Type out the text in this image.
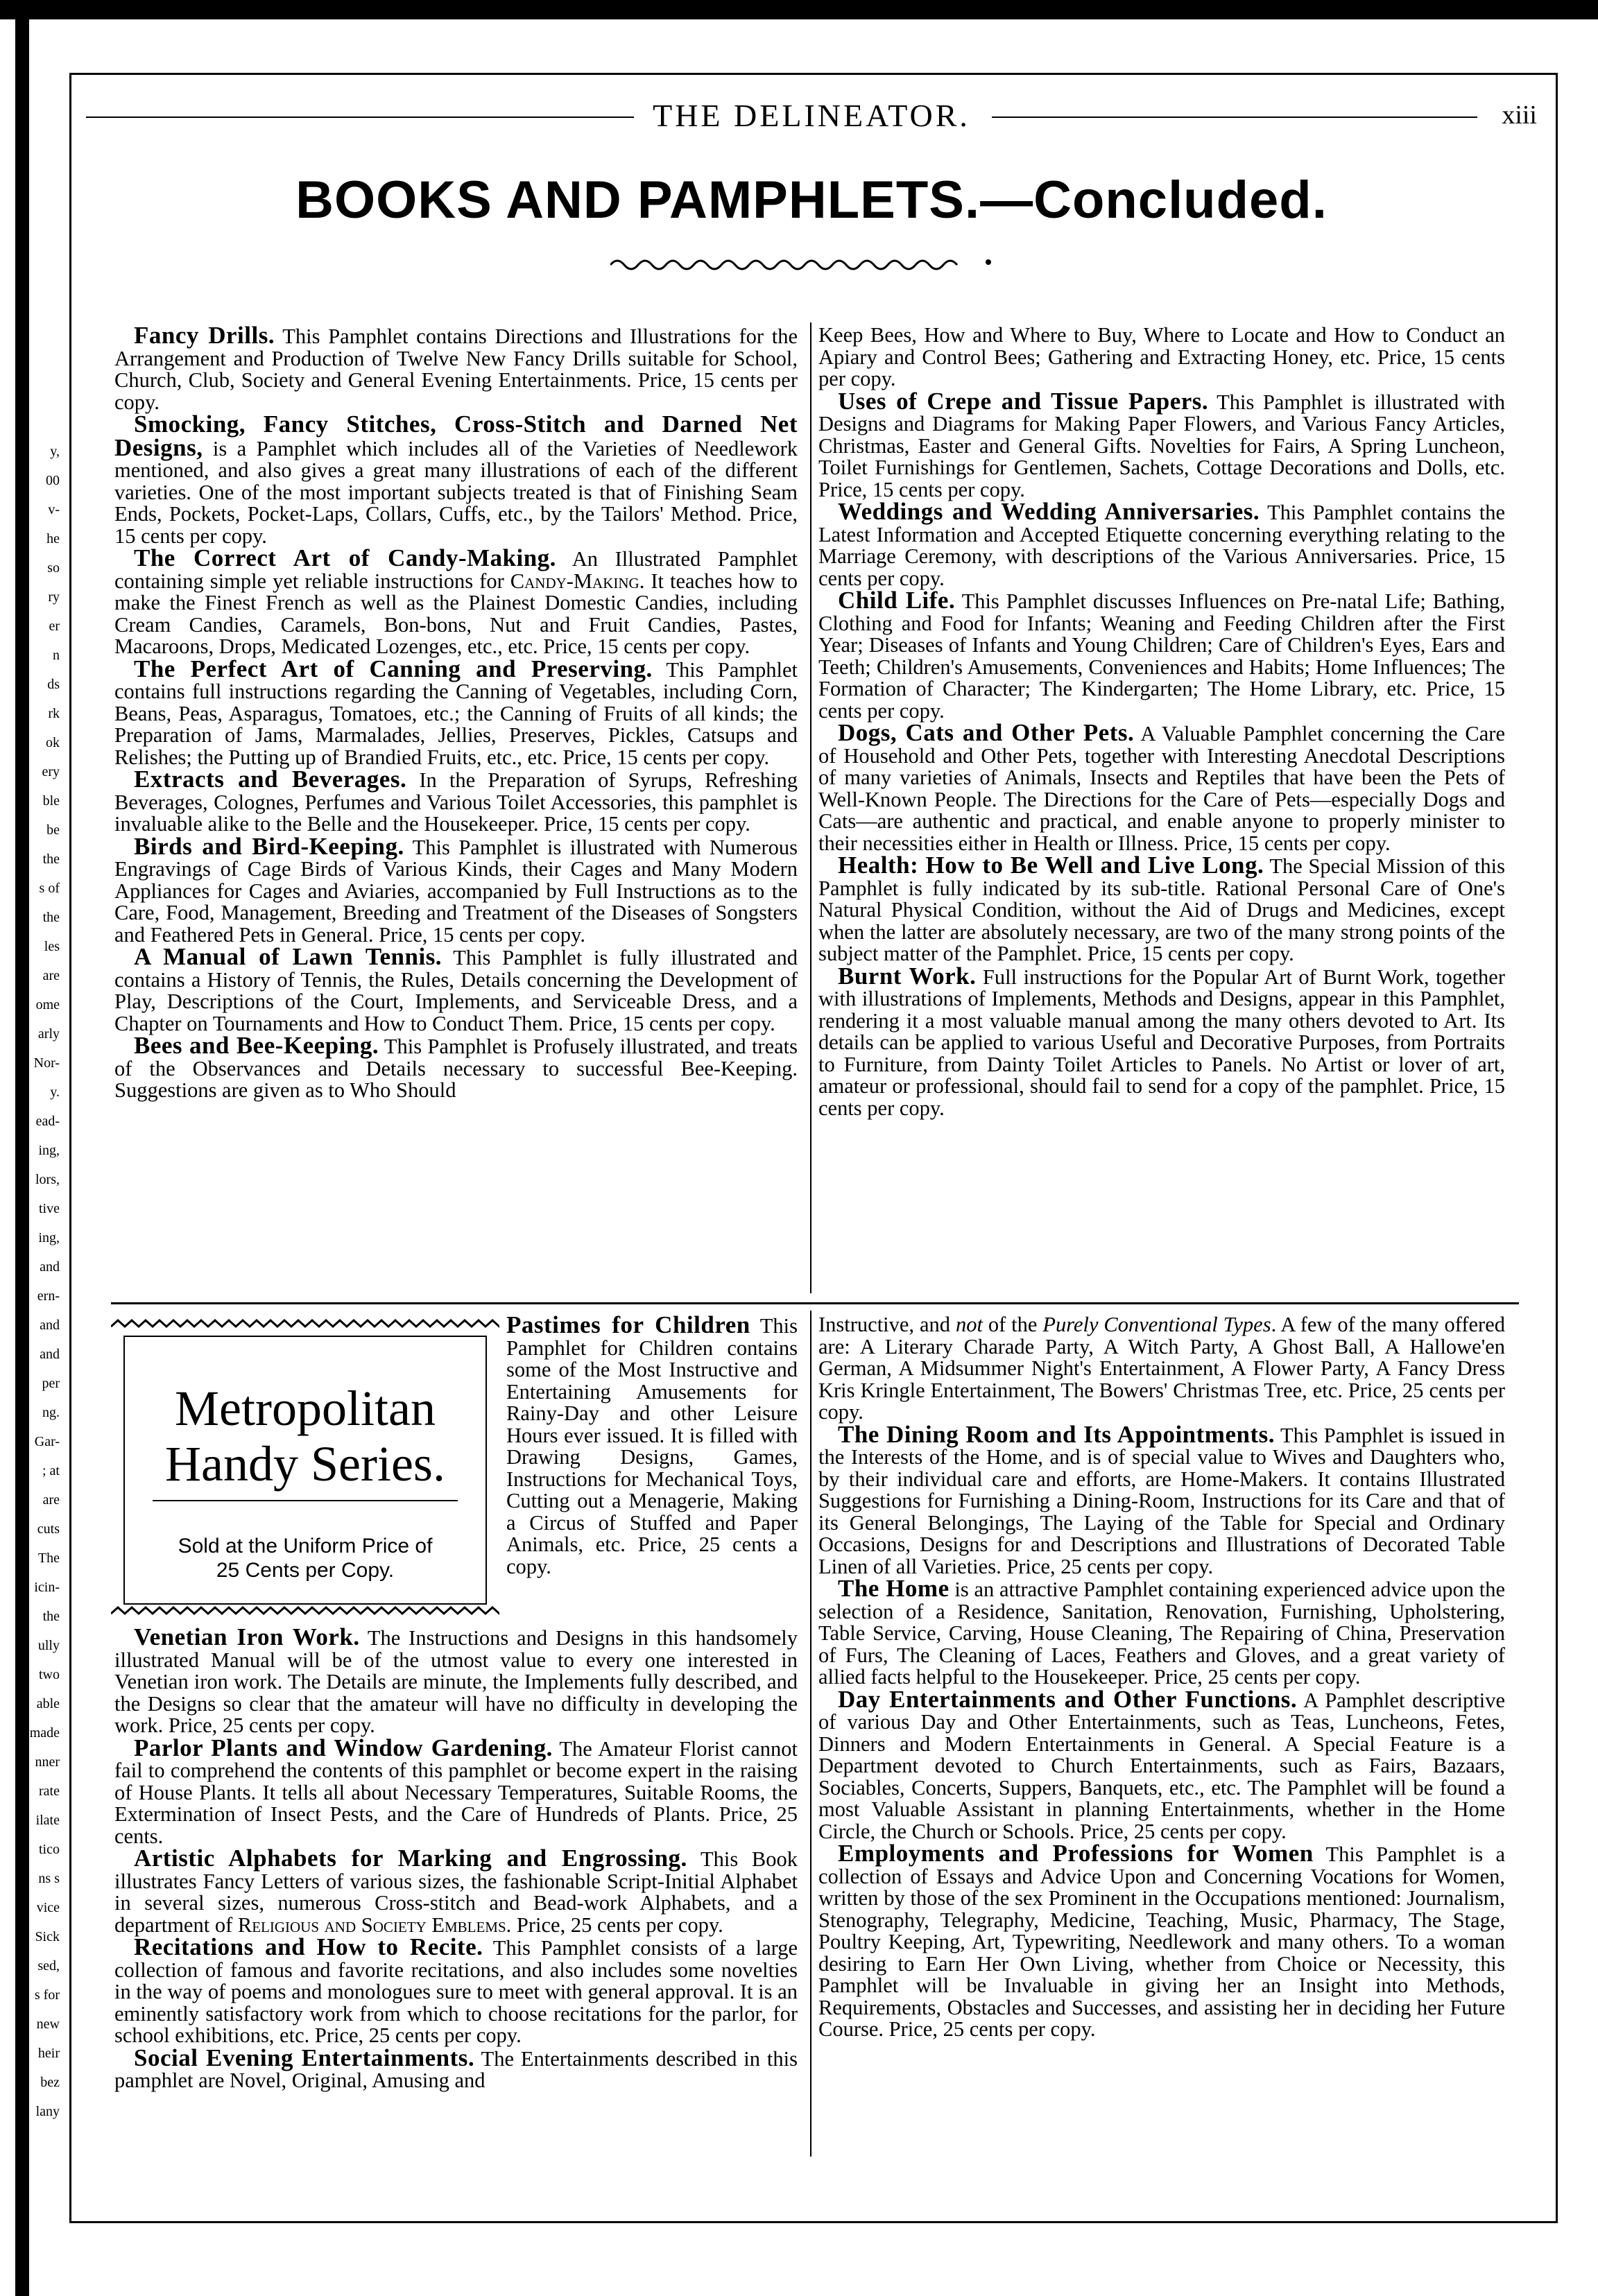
y,
00
v-
he
so
ry
er
n
ds
rk
ok
ery
ble
be
the
s of
the
les
are
ome
arly
Nor-
y.
ead-
ing,
lors,
tive
ing,
and
ern-
and
and
per
ng.
Gar-
; at
are
cuts
The
icin-
the
ully
two
able
made
nner
rate
ilate
tico
ns s
vice
Sick
sed,
s for
new
heir
bez
lany
THE DELINEATOR.	xiii
BOOKS AND PAMPHLETS.—Concluded.

Fancy Drills. This Pamphlet contains Directions and Illustrations for the Arrangement and Production of Twelve New Fancy Drills suitable for School, Church, Club, Society and General Evening Entertainments. Price, 15 cents per copy.

Smocking, Fancy Stitches, Cross-Stitch and Darned Net Designs, is a Pamphlet which includes all of the Varieties of Needlework mentioned, and also gives a great many illustrations of each of the different varieties. One of the most important subjects treated is that of Finishing Seam Ends, Pockets, Pocket-Laps, Collars, Cuffs, etc., by the Tailors' Method. Price, 15 cents per copy.

The Correct Art of Candy-Making. An Illustrated Pamphlet containing simple yet reliable instructions for Candy-Making. It teaches how to make the Finest French as well as the Plainest Domestic Candies, including Cream Candies, Caramels, Bon-bons, Nut and Fruit Candies, Pastes, Macaroons, Drops, Medicated Lozenges, etc., etc. Price, 15 cents per copy.

The Perfect Art of Canning and Preserving. This Pamphlet contains full instructions regarding the Canning of Vegetables, including Corn, Beans, Peas, Asparagus, Tomatoes, etc.; the Canning of Fruits of all kinds; the Preparation of Jams, Marmalades, Jellies, Preserves, Pickles, Catsups and Relishes; the Putting up of Brandied Fruits, etc., etc. Price, 15 cents per copy.

Extracts and Beverages. In the Preparation of Syrups, Refreshing Beverages, Colognes, Perfumes and Various Toilet Accessories, this pamphlet is invaluable alike to the Belle and the Housekeeper. Price, 15 cents per copy.

Birds and Bird-Keeping. This Pamphlet is illustrated with Numerous Engravings of Cage Birds of Various Kinds, their Cages and Many Modern Appliances for Cages and Aviaries, accompanied by Full Instructions as to the Care, Food, Management, Breeding and Treatment of the Diseases of Songsters and Feathered Pets in General. Price, 15 cents per copy.

A Manual of Lawn Tennis. This Pamphlet is fully illustrated and contains a History of Tennis, the Rules, Details concerning the Development of Play, Descriptions of the Court, Implements, and Serviceable Dress, and a Chapter on Tournaments and How to Conduct Them. Price, 15 cents per copy.

Bees and Bee-Keeping. This Pamphlet is Profusely illustrated, and treats of the Observances and Details necessary to successful Bee-Keeping. Suggestions are given as to Who Should

Keep Bees, How and Where to Buy, Where to Locate and How to Conduct an Apiary and Control Bees; Gathering and Extracting Honey, etc. Price, 15 cents per copy.

Uses of Crepe and Tissue Papers. This Pamphlet is illustrated with Designs and Diagrams for Making Paper Flowers, and Various Fancy Articles, Christmas, Easter and General Gifts. Novelties for Fairs, A Spring Luncheon, Toilet Furnishings for Gentlemen, Sachets, Cottage Decorations and Dolls, etc. Price, 15 cents per copy.

Weddings and Wedding Anniversaries. This Pamphlet contains the Latest Information and Accepted Etiquette concerning everything relating to the Marriage Ceremony, with descriptions of the Various Anniversaries. Price, 15 cents per copy.

Child Life. This Pamphlet discusses Influences on Pre-natal Life; Bathing, Clothing and Food for Infants; Weaning and Feeding Children after the First Year; Diseases of Infants and Young Children; Care of Children's Eyes, Ears and Teeth; Children's Amusements, Conveniences and Habits; Home Influences; The Formation of Character; The Kindergarten; The Home Library, etc. Price, 15 cents per copy.

Dogs, Cats and Other Pets. A Valuable Pamphlet concerning the Care of Household and Other Pets, together with Interesting Anecdotal Descriptions of many varieties of Animals, Insects and Reptiles that have been the Pets of Well-Known People. The Directions for the Care of Pets—especially Dogs and Cats—are authentic and practical, and enable anyone to properly minister to their necessities either in Health or Illness. Price, 15 cents per copy.

Health: How to Be Well and Live Long. The Special Mission of this Pamphlet is fully indicated by its sub-title. Rational Personal Care of One's Natural Physical Condition, without the Aid of Drugs and Medicines, except when the latter are absolutely necessary, are two of the many strong points of the subject matter of the Pamphlet. Price, 15 cents per copy.

Burnt Work. Full instructions for the Popular Art of Burnt Work, together with illustrations of Implements, Methods and Designs, appear in this Pamphlet, rendering it a most valuable manual among the many others devoted to Art. Its details can be applied to various Useful and Decorative Purposes, from Portraits to Furniture, from Dainty Toilet Articles to Panels. No Artist or lover of art, amateur or professional, should fail to send for a copy of the pamphlet. Price, 15 cents per copy.

Metropolitan
Handy Series.
Sold at the Uniform Price of
25 Cents per Copy.

Pastimes for Children This Pamphlet for Children contains some of the Most Instructive and Entertaining Amusements for Rainy-Day and other Leisure Hours ever issued. It is filled with Drawing Designs, Games, Instructions for Mechanical Toys, Cutting out a Menagerie, Making a Circus of Stuffed and Paper Animals, etc. Price, 25 cents a copy.

Venetian Iron Work. The Instructions and Designs in this handsomely illustrated Manual will be of the utmost value to every one interested in Venetian iron work. The Details are minute, the Implements fully described, and the Designs so clear that the amateur will have no difficulty in developing the work. Price, 25 cents per copy.

Parlor Plants and Window Gardening. The Amateur Florist cannot fail to comprehend the contents of this pamphlet or become expert in the raising of House Plants. It tells all about Necessary Temperatures, Suitable Rooms, the Extermination of Insect Pests, and the Care of Hundreds of Plants. Price, 25 cents.

Artistic Alphabets for Marking and Engrossing. This Book illustrates Fancy Letters of various sizes, the fashionable Script-Initial Alphabet in several sizes, numerous Cross-stitch and Bead-work Alphabets, and a department of Religious and Society Emblems. Price, 25 cents per copy.

Recitations and How to Recite. This Pamphlet consists of a large collection of famous and favorite recitations, and also includes some novelties in the way of poems and monologues sure to meet with general approval. It is an eminently satisfactory work from which to choose recitations for the parlor, for school exhibitions, etc. Price, 25 cents per copy.

Social Evening Entertainments. The Entertainments described in this pamphlet are Novel, Original, Amusing and

Instructive, and not of the Purely Conventional Types. A few of the many offered are: A Literary Charade Party, A Witch Party, A Ghost Ball, A Hallowe'en German, A Midsummer Night's Entertainment, A Flower Party, A Fancy Dress Kris Kringle Entertainment, The Bowers' Christmas Tree, etc. Price, 25 cents per copy.

The Dining Room and Its Appointments. This Pamphlet is issued in the Interests of the Home, and is of special value to Wives and Daughters who, by their individual care and efforts, are Home-Makers. It contains Illustrated Suggestions for Furnishing a Dining-Room, Instructions for its Care and that of its General Belongings, The Laying of the Table for Special and Ordinary Occasions, Designs for and Descriptions and Illustrations of Decorated Table Linen of all Varieties. Price, 25 cents per copy.

The Home is an attractive Pamphlet containing experienced advice upon the selection of a Residence, Sanitation, Renovation, Furnishing, Upholstering, Table Service, Carving, House Cleaning, The Repairing of China, Preservation of Furs, The Cleaning of Laces, Feathers and Gloves, and a great variety of allied facts helpful to the Housekeeper. Price, 25 cents per copy.

Day Entertainments and Other Functions. A Pamphlet descriptive of various Day and Other Entertainments, such as Teas, Luncheons, Fetes, Dinners and Modern Entertainments in General. A Special Feature is a Department devoted to Church Entertainments, such as Fairs, Bazaars, Sociables, Concerts, Suppers, Banquets, etc., etc. The Pamphlet will be found a most Valuable Assistant in planning Entertainments, whether in the Home Circle, the Church or Schools. Price, 25 cents per copy.

Employments and Professions for Women This Pamphlet is a collection of Essays and Advice Upon and Concerning Vocations for Women, written by those of the sex Prominent in the Occupations mentioned: Journalism, Stenography, Telegraphy, Medicine, Teaching, Music, Pharmacy, The Stage, Poultry Keeping, Art, Typewriting, Needlework and many others. To a woman desiring to Earn Her Own Living, whether from Choice or Necessity, this Pamphlet will be Invaluable in giving her an Insight into Methods, Requirements, Obstacles and Successes, and assisting her in deciding her Future Course. Price, 25 cents per copy.
